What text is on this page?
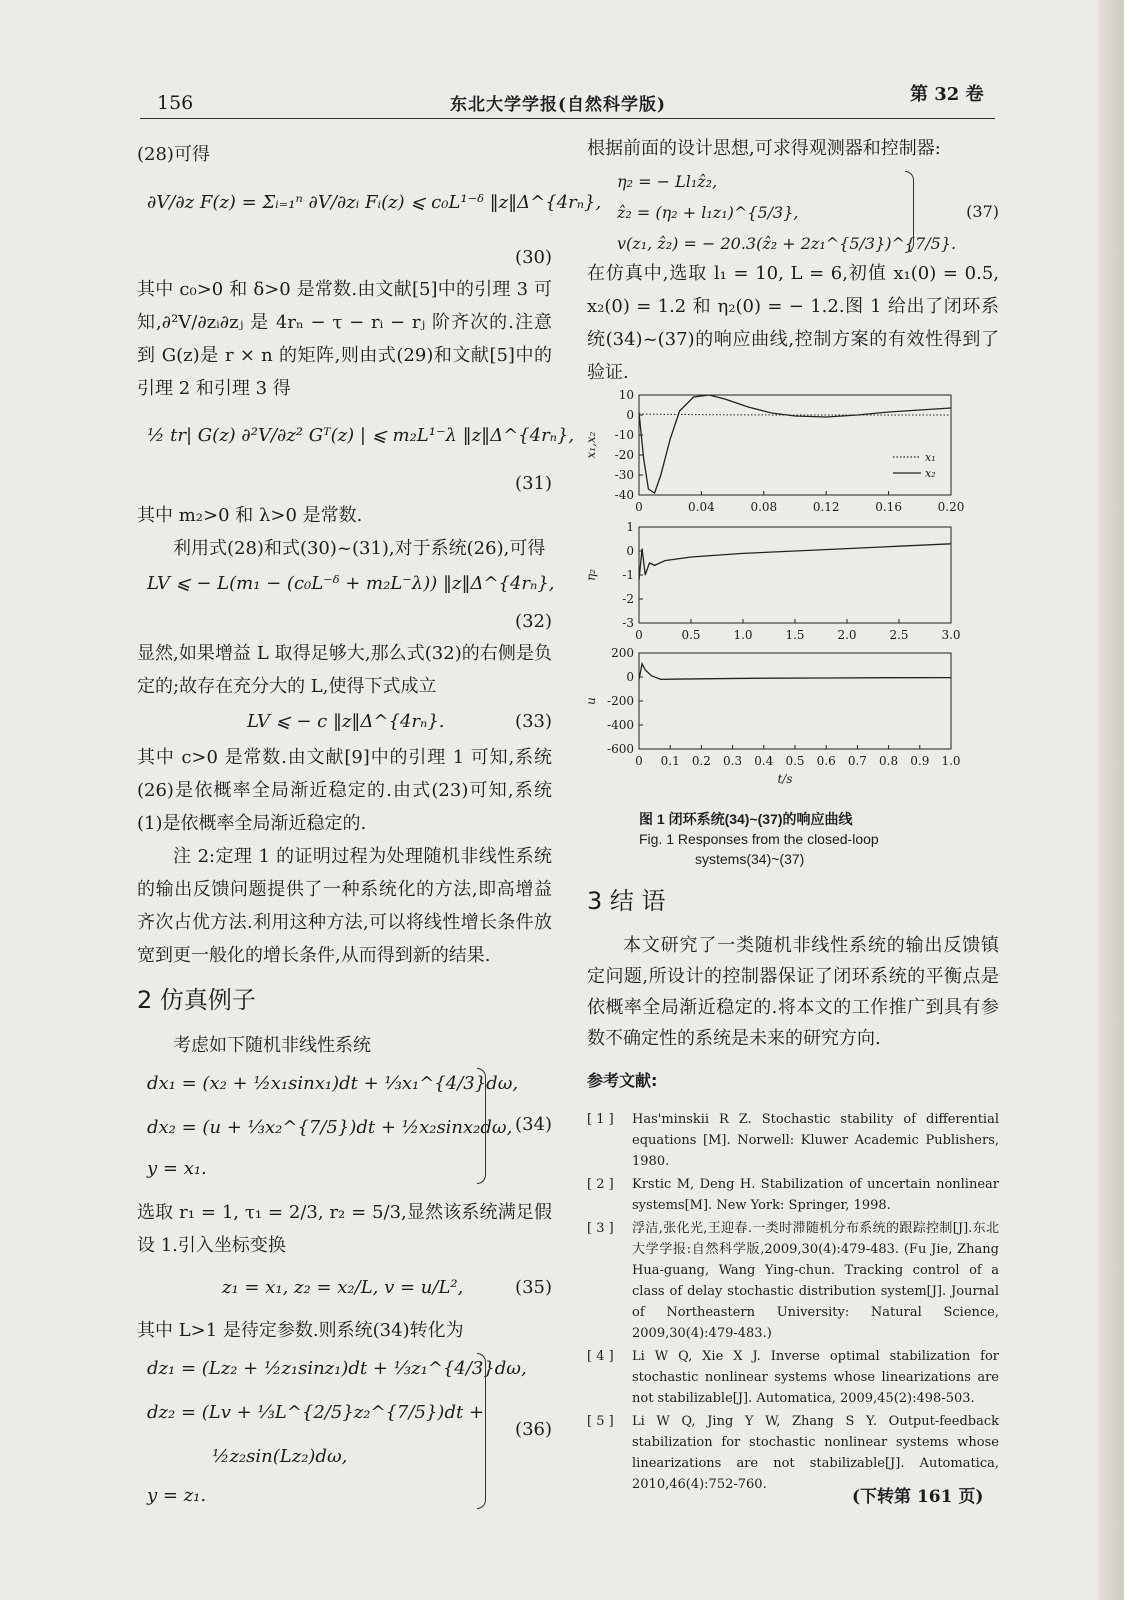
156	东北大学学报(自然科学版)	第 32 卷

(28)可得

∂V/∂z F(z) = Σᵢ₌₁ⁿ ∂V/∂zᵢ Fᵢ(z) ⩽ c₀L¹⁻ᵟ ‖z‖Δ^{4rₙ},
(30)

其中 c₀>0 和 δ>0 是常数.由文献[5]中的引理 3 可知,∂²V/∂zᵢ∂zⱼ 是 4rₙ − τ − rᵢ − rⱼ 阶齐次的.注意到 G(z)是 r × n 的矩阵,则由式(29)和文献[5]中的引理 2 和引理 3 得

½ tr| G(z) ∂²V/∂z² Gᵀ(z) | ⩽ m₂L¹⁻λ ‖z‖Δ^{4rₙ},
(31)

其中 m₂>0 和 λ>0 是常数.

利用式(28)和式(30)~(31),对于系统(26),可得

LV ⩽ − L(m₁ − (c₀L⁻ᵟ + m₂L⁻λ)) ‖z‖Δ^{4rₙ},
(32)

显然,如果增益 L 取得足够大,那么式(32)的右侧是负定的;故存在充分大的 L,使得下式成立

LV ⩽ − c ‖z‖Δ^{4rₙ}.	(33)

其中 c>0 是常数.由文献[9]中的引理 1 可知,系统(26)是依概率全局渐近稳定的.由式(23)可知,系统(1)是依概率全局渐近稳定的.

注 2:定理 1 的证明过程为处理随机非线性系统的输出反馈问题提供了一种系统化的方法,即高增益齐次占优方法.利用这种方法,可以将线性增长条件放宽到更一般化的增长条件,从而得到新的结果.

2 仿真例子

考虑如下随机非线性系统

dx₁ = (x₂ + ½x₁sinx₁)dt + ⅓x₁^{4/3}dω,
dx₂ = (u + ⅓x₂^{7/5})dt + ½x₂sinx₂dω,
y = x₁.
(34)

选取 r₁ = 1, τ₁ = 2/3, r₂ = 5/3,显然该系统满足假设 1.引入坐标变换

z₁ = x₁, z₂ = x₂/L, v = u/L²,	(35)

其中 L>1 是待定参数.则系统(34)转化为

dz₁ = (Lz₂ + ½z₁sinz₁)dt + ⅓z₁^{4/3}dω,
dz₂ = (Lv + ⅓L^{2/5}z₂^{7/5})dt +
½z₂sin(Lz₂)dω,
y = z₁.
(36)

根据前面的设计思想,可求得观测器和控制器:

η₂ = − Ll₁ẑ₂,
ẑ₂ = (η₂ + l₁z₁)^{5/3},
v(z₁, ẑ₂) = − 20.3(ẑ₂ + 2z₁^{5/3})^{7/5}.
(37)

在仿真中,选取 l₁ = 10, L = 6,初值 x₁(0) = 0.5, x₂(0) = 1.2 和 η₂(0) = − 1.2.图 1 给出了闭环系统(34)~(37)的响应曲线,控制方案的有效性得到了验证.

0	0.04	0.08	0.12	0.16	0.20
10
0
-10
-20
-30
-40
x₁,x₂	x₁
x₂
0	0.5	1.0	1.5	2.0	2.5	3.0
1
0
-1
-2
-3
η₂
0 0.1 0.2 0.3 0.4 0.5 0.6 0.7 0.8 0.9 1.0
200
0
-200
-400
-600
u
t/s
图 1 闭环系统(34)~(37)的响应曲线
Fig. 1 Responses from the closed-loop
systems(34)~(37)
3 结 语

本文研究了一类随机非线性系统的输出反馈镇定问题,所设计的控制器保证了闭环系统的平衡点是依概率全局渐近稳定的.将本文的工作推广到具有参数不确定性的系统是未来的研究方向.

参考文献:
[ 1 ] Has'minskii R Z. Stochastic stability of differential equations [M]. Norwell: Kluwer Academic Publishers, 1980.
[ 2 ] Krstic M, Deng H. Stabilization of uncertain nonlinear systems[M]. New York: Springer, 1998.
[ 3 ] 浮洁,张化光,王迎春.一类时滞随机分布系统的跟踪控制[J].东北大学学报:自然科学版,2009,30(4):479-483. (Fu Jie, Zhang Hua-guang, Wang Ying-chun. Tracking control of a class of delay stochastic distribution system[J]. Journal of Northeastern University: Natural Science, 2009,30(4):479-483.)
[ 4 ] Li W Q, Xie X J. Inverse optimal stabilization for stochastic nonlinear systems whose linearizations are not stabilizable[J]. Automatica, 2009,45(2):498-503.
[ 5 ] Li W Q, Jing Y W, Zhang S Y. Output-feedback stabilization for stochastic nonlinear systems whose linearizations are not stabilizable[J]. Automatica, 2010,46(4):752-760.
(下转第 161 页)
